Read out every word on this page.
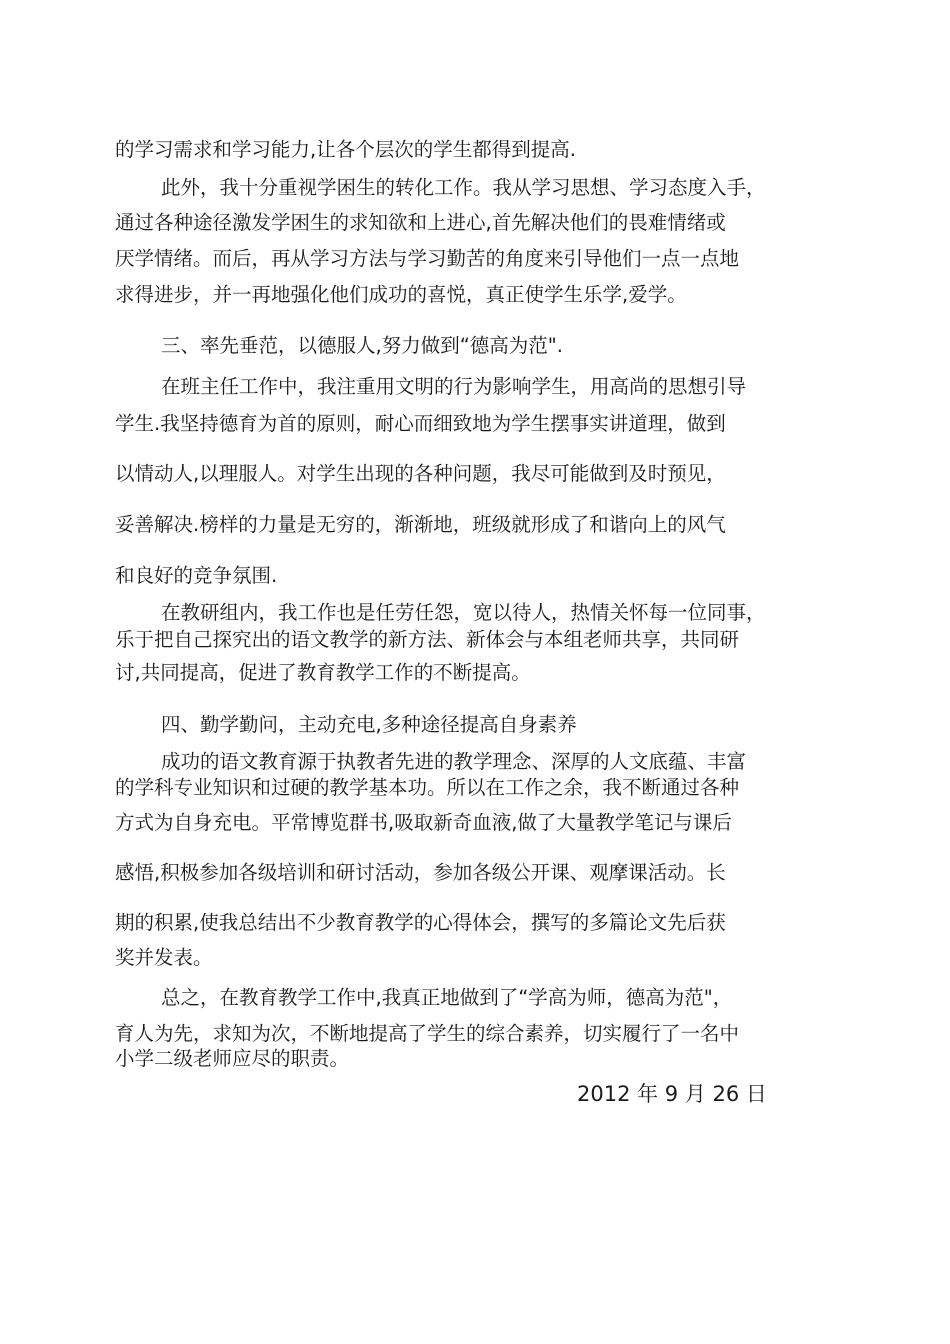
的学习需求和学习能力,让各个层次的学生都得到提高.
此外，我十分重视学困生的转化工作。我从学习思想、学习态度入手，
通过各种途径激发学困生的求知欲和上进心,首先解决他们的畏难情绪或
厌学情绪。而后，再从学习方法与学习勤苦的角度来引导他们一点一点地
求得进步，并一再地强化他们成功的喜悦，真正使学生乐学,爱学。
三、率先垂范，以德服人,努力做到“德高为范".
在班主任工作中，我注重用文明的行为影响学生，用高尚的思想引导
学生.我坚持德育为首的原则，耐心而细致地为学生摆事实讲道理，做到
以情动人,以理服人。对学生出现的各种问题，我尽可能做到及时预见，
妥善解决.榜样的力量是无穷的，渐渐地，班级就形成了和谐向上的风气
和良好的竞争氛围.
在教研组内，我工作也是任劳任怨，宽以待人，热情关怀每一位同事，
乐于把自己探究出的语文教学的新方法、新体会与本组老师共享，共同研
讨,共同提高，促进了教育教学工作的不断提高。
四、勤学勤问，主动充电,多种途径提高自身素养
成功的语文教育源于执教者先进的教学理念、深厚的人文底蕴、丰富
的学科专业知识和过硬的教学基本功。所以在工作之余，我不断通过各种
方式为自身充电。平常博览群书,吸取新奇血液,做了大量教学笔记与课后
感悟,积极参加各级培训和研讨活动，参加各级公开课、观摩课活动。长
期的积累,使我总结出不少教育教学的心得体会，撰写的多篇论文先后获
奖并发表。
总之，在教育教学工作中,我真正地做到了“学高为师，德高为范"，
育人为先，求知为次，不断地提高了学生的综合素养，切实履行了一名中
小学二级老师应尽的职责。
2012 年 9 月 26 日
